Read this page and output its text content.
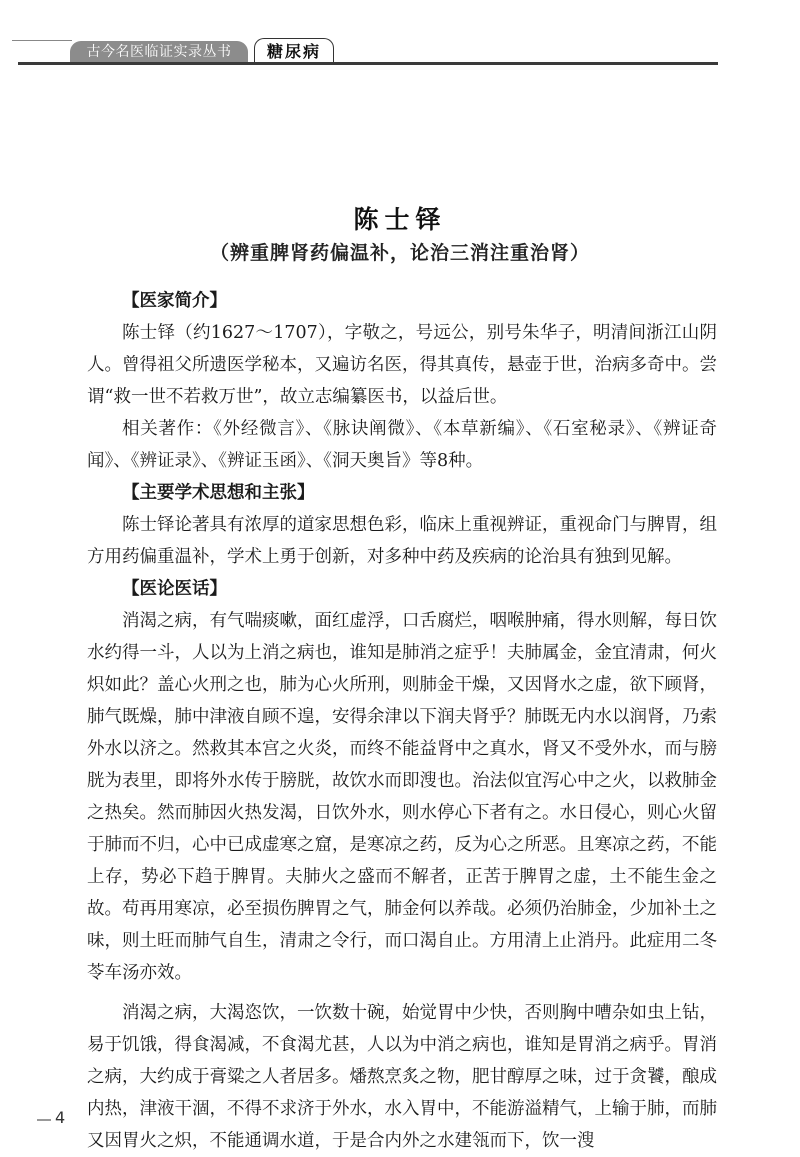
古今名医临证实录丛书	糖尿病
陈士铎
（辨重脾肾药偏温补，论治三消注重治肾）
【医家简介】

陈士铎（约1627～1707），字敬之，号远公，别号朱华子，明清间浙江山阴人。曾得祖父所遗医学秘本，又遍访名医，得其真传，悬壶于世，治病多奇中。尝谓“救一世不若救万世”，故立志编纂医书，以益后世。

相关著作：《外经微言》、《脉诀阐微》、《本草新编》、《石室秘录》、《辨证奇闻》、《辨证录》、《辨证玉函》、《洞天奥旨》等8种。

【主要学术思想和主张】

陈士铎论著具有浓厚的道家思想色彩，临床上重视辨证，重视命门与脾胃，组方用药偏重温补，学术上勇于创新，对多种中药及疾病的论治具有独到见解。

【医论医话】

消渴之病，有气喘痰嗽，面红虚浮，口舌腐烂，咽喉肿痛，得水则解，每日饮水约得一斗，人以为上消之病也，谁知是肺消之症乎！夫肺属金，金宜清肃，何火炽如此？盖心火刑之也，肺为心火所刑，则肺金干燥，又因肾水之虚，欲下顾肾，肺气既燥，肺中津液自顾不遑，安得余津以下润夫肾乎？肺既无内水以润肾，乃索外水以济之。然救其本宫之火炎，而终不能益肾中之真水，肾又不受外水，而与膀胱为表里，即将外水传于膀胱，故饮水而即溲也。治法似宜泻心中之火，以救肺金之热矣。然而肺因火热发渴，日饮外水，则水停心下者有之。水日侵心，则心火留于肺而不归，心中已成虚寒之窟，是寒凉之药，反为心之所恶。且寒凉之药，不能上存，势必下趋于脾胃。夫肺火之盛而不解者，正苦于脾胃之虚，土不能生金之故。苟再用寒凉，必至损伤脾胃之气，肺金何以养哉。必须仍治肺金，少加补土之味，则土旺而肺气自生，清肃之令行，而口渴自止。方用清上止消丹。此症用二冬苓车汤亦效。

消渴之病，大渴恣饮，一饮数十碗，始觉胃中少快，否则胸中嘈杂如虫上钻，易于饥饿，得食渴减，不食渴尤甚，人以为中消之病也，谁知是胃消之病乎。胃消之病，大约成于膏粱之人者居多。燔熬烹炙之物，肥甘醇厚之味，过于贪饕，酿成内热，津液干涸，不得不求济于外水，水入胃中，不能游溢精气，上输于肺，而肺又因胃火之炽，不能通调水道，于是合内外之水建瓴而下，饮一溲

4
